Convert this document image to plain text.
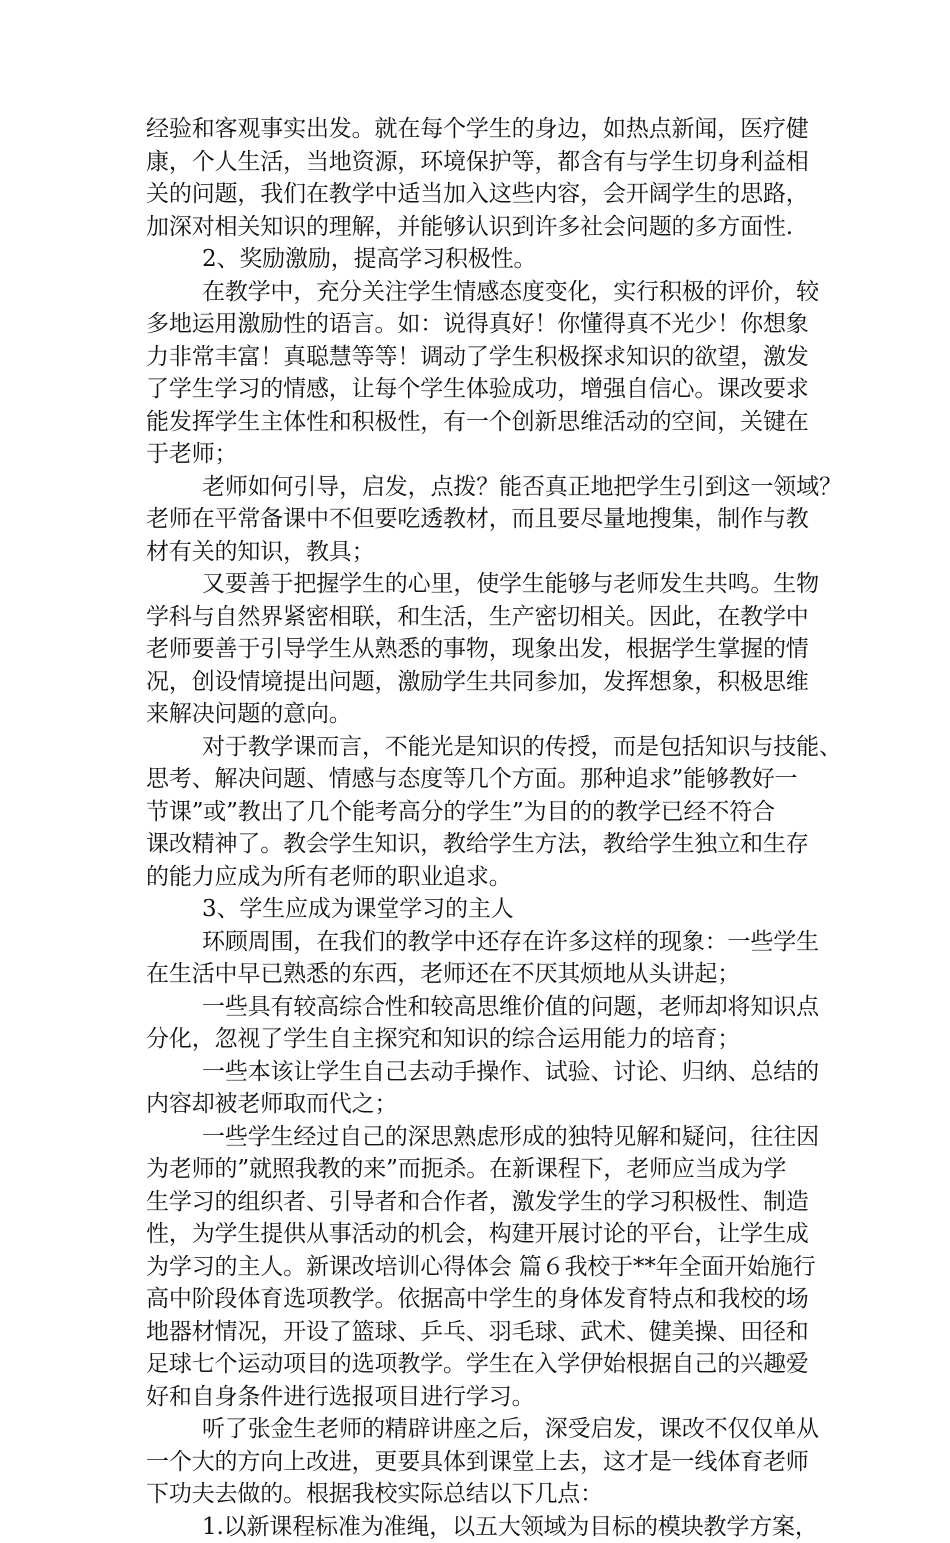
经验和客观事实出发。就在每个学生的身边，如热点新闻，医疗健
康，个人生活，当地资源，环境保护等，都含有与学生切身利益相
关的问题，我们在教学中适当加入这些内容，会开阔学生的思路，
加深对相关知识的理解，并能够认识到许多社会问题的多方面性.
2、奖励激励，提高学习积极性。
在教学中，充分关注学生情感态度变化，实行积极的评价，较
多地运用激励性的语言。如：说得真好！你懂得真不光少！你想象
力非常丰富！真聪慧等等！调动了学生积极探求知识的欲望，激发
了学生学习的情感，让每个学生体验成功，增强自信心。课改要求
能发挥学生主体性和积极性，有一个创新思维活动的空间，关键在
于老师；
老师如何引导，启发，点拨？能否真正地把学生引到这一领域？
老师在平常备课中不但要吃透教材，而且要尽量地搜集，制作与教
材有关的知识，教具；
又要善于把握学生的心里，使学生能够与老师发生共鸣。生物
学科与自然界紧密相联，和生活，生产密切相关。因此，在教学中
老师要善于引导学生从熟悉的事物，现象出发，根据学生掌握的情
况，创设情境提出问题，激励学生共同参加，发挥想象，积极思维
来解决问题的意向。
对于教学课而言，不能光是知识的传授，而是包括知识与技能、
思考、解决问题、情感与态度等几个方面。那种追求”能够教好一
节课”或”教出了几个能考高分的学生”为目的的教学已经不符合
课改精神了。教会学生知识，教给学生方法，教给学生独立和生存
的能力应成为所有老师的职业追求。
3、学生应成为课堂学习的主人
环顾周围，在我们的教学中还存在许多这样的现象：一些学生
在生活中早已熟悉的东西，老师还在不厌其烦地从头讲起；
一些具有较高综合性和较高思维价值的问题，老师却将知识点
分化，忽视了学生自主探究和知识的综合运用能力的培育；
一些本该让学生自己去动手操作、试验、讨论、归纳、总结的
内容却被老师取而代之；
一些学生经过自己的深思熟虑形成的独特见解和疑问，往往因
为老师的”就照我教的来”而扼杀。在新课程下，老师应当成为学
生学习的组织者、引导者和合作者，激发学生的学习积极性、制造
性，为学生提供从事活动的机会，构建开展讨论的平台，让学生成
为学习的主人。新课改培训心得体会 篇６我校于**年全面开始施行
高中阶段体育选项教学。依据高中学生的身体发育特点和我校的场
地器材情况，开设了篮球、乒乓、羽毛球、武术、健美操、田径和
足球七个运动项目的选项教学。学生在入学伊始根据自己的兴趣爱
好和自身条件进行选报项目进行学习。
听了张金生老师的精辟讲座之后，深受启发，课改不仅仅单从
一个大的方向上改进，更要具体到课堂上去，这才是一线体育老师
下功夫去做的。根据我校实际总结以下几点：
1.以新课程标准为准绳，以五大领域为目标的模块教学方案，
